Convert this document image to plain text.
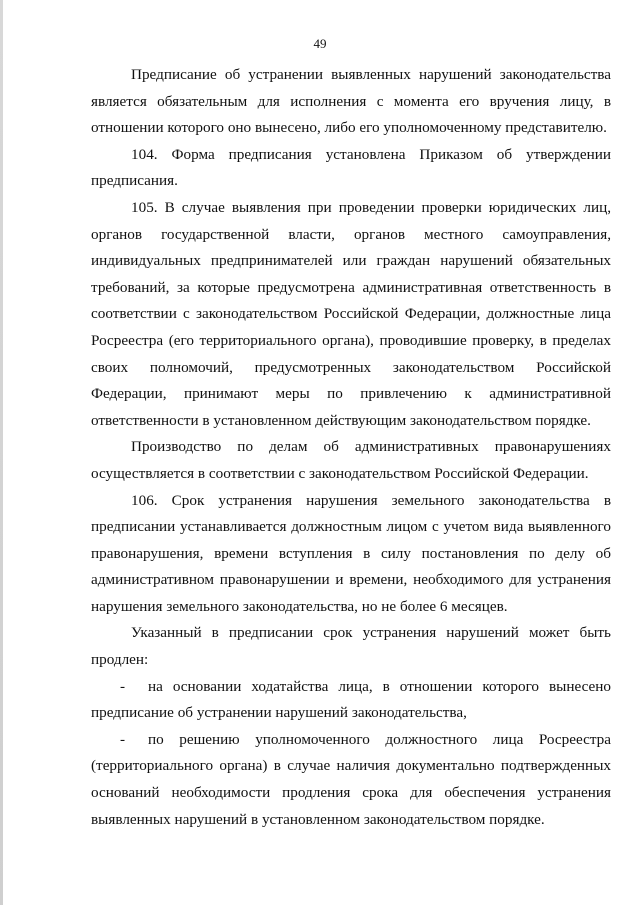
49

Предписание об устранении выявленных нарушений законодательства является обязательным для исполнения с момента его вручения лицу, в отношении которого оно вынесено, либо его уполномоченному представителю.

104. Форма предписания установлена Приказом об утверждении предписания.

105. В случае выявления при проведении проверки юридических лиц, органов государственной власти, органов местного самоуправления, индивидуальных предпринимателей или граждан нарушений обязательных требований, за которые предусмотрена административная ответственность в соответствии с законодательством Российской Федерации, должностные лица Росреестра (его территориального органа), проводившие проверку, в пределах своих полномочий, предусмотренных законодательством Российской Федерации, принимают меры по привлечению к административной ответственности в установленном действующим законодательством порядке.

Производство по делам об административных правонарушениях осуществляется в соответствии с законодательством Российской Федерации.

106. Срок устранения нарушения земельного законодательства в предписании устанавливается должностным лицом с учетом вида выявленного правонарушения, времени вступления в силу постановления по делу об административном правонарушении и времени, необходимого для устранения нарушения земельного законодательства, но не более 6 месяцев.

Указанный в предписании срок устранения нарушений может быть продлен:

- на основании ходатайства лица, в отношении которого вынесено предписание об устранении нарушений законодательства,

- по решению уполномоченного должностного лица Росреестра (территориального органа) в случае наличия документально подтвержденных оснований необходимости продления срока для обеспечения устранения выявленных нарушений в установленном законодательством порядке.
